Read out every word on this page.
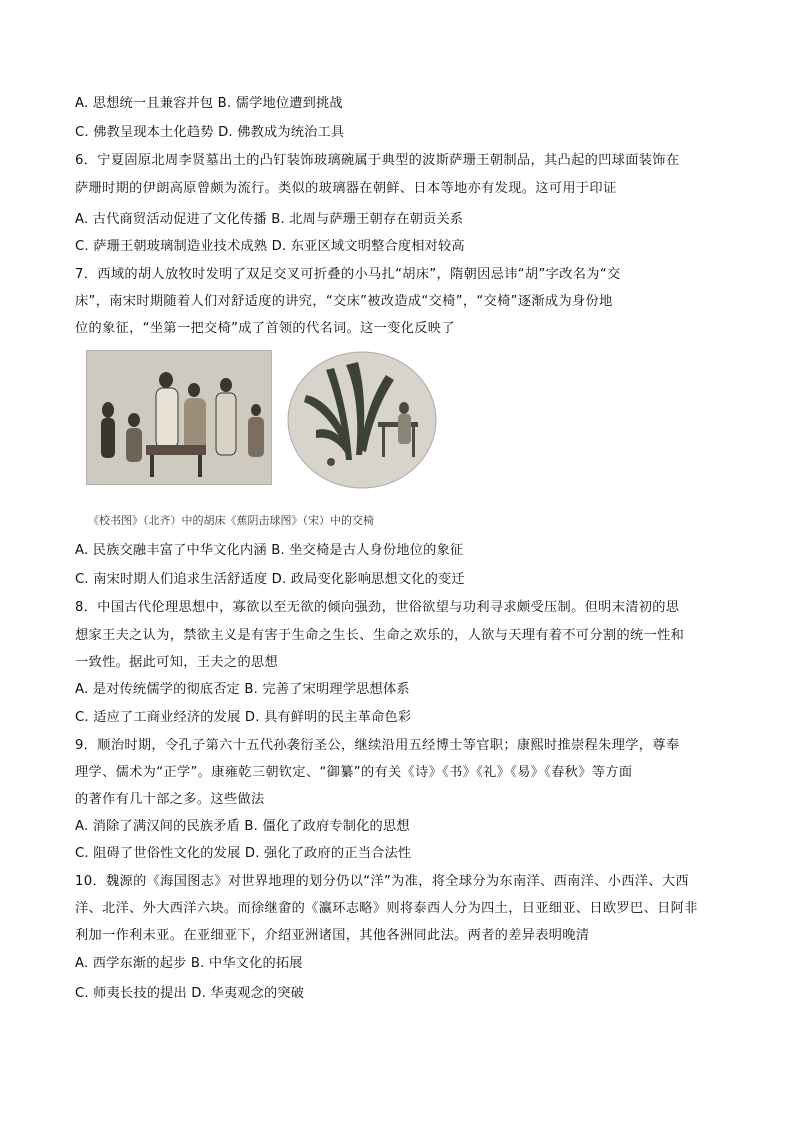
A. 思想统一且兼容并包 B. 儒学地位遭到挑战
C. 佛教呈现本土化趋势 D. 佛教成为统治工具
6．宁夏固原北周李贤墓出土的凸钉装饰玻璃碗属于典型的波斯萨珊王朝制品，其凸起的凹球面装饰在
萨珊时期的伊朗高原曾颇为流行。类似的玻璃器在朝鲜、日本等地亦有发现。这可用于印证
A. 古代商贸活动促进了文化传播 B. 北周与萨珊王朝存在朝贡关系
C. 萨珊王朝玻璃制造业技术成熟 D. 东亚区域文明整合度相对较高
7．西域的胡人放牧时发明了双足交叉可折叠的小马扎“胡床”，隋朝因忌讳“胡”字改名为“交
床”，南宋时期随着人们对舒适度的讲究，“交床”被改造成“交椅”，“交椅”逐渐成为身份地
位的象征，“坐第一把交椅”成了首领的代名词。这一变化反映了
《校书图》（北齐）中的胡床《蕉阴击球图》（宋）中的交椅
A. 民族交融丰富了中华文化内涵 B. 坐交椅是古人身份地位的象征
C. 南宋时期人们追求生活舒适度 D. 政局变化影响思想文化的变迁
8．中国古代伦理思想中，寡欲以至无欲的倾向强劲，世俗欲望与功利寻求颇受压制。但明末清初的思
想家王夫之认为，禁欲主义是有害于生命之生长、生命之欢乐的，人欲与天理有着不可分割的统一性和
一致性。据此可知，王夫之的思想
A. 是对传统儒学的彻底否定 B. 完善了宋明理学思想体系
C. 适应了工商业经济的发展 D. 具有鲜明的民主革命色彩
9．顺治时期，令孔子第六十五代孙袭衍圣公，继续沿用五经博士等官职；康熙时推崇程朱理学，尊奉
理学、儒术为“正学”。康雍乾三朝钦定、“御纂”的有关《诗》《书》《礼》《易》《春秋》等方面
的著作有几十部之多。这些做法
A. 消除了满汉间的民族矛盾 B. 僵化了政府专制化的思想
C. 阻碍了世俗性文化的发展 D. 强化了政府的正当合法性
10．魏源的《海国图志》对世界地理的划分仍以“洋”为准，将全球分为东南洋、西南洋、小西洋、大西
洋、北洋、外大西洋六块。而徐继畲的《瀛环志略》则将泰西人分为四土，日亚细亚、日欧罗巴、日阿非
利加一作利未亚。在亚细亚下，介绍亚洲诸国，其他各洲同此法。两者的差异表明晚清
A. 西学东渐的起步 B. 中华文化的拓展
C. 师夷长技的提出 D. 华夷观念的突破
